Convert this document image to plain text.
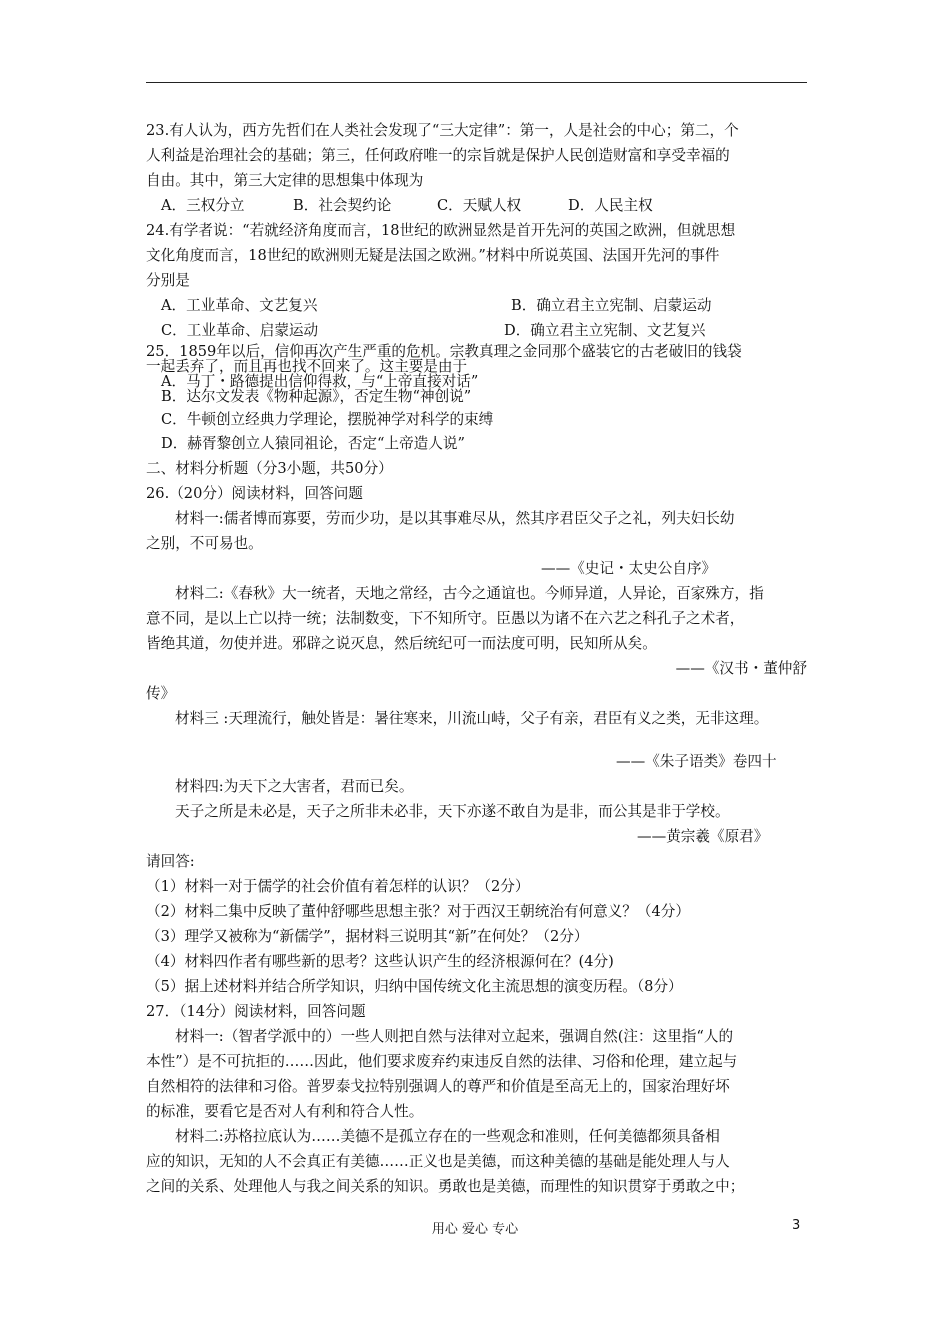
23.有人认为，西方先哲们在人类社会发现了“三大定律”：第一，人是社会的中心；第二，个
人利益是治理社会的基础；第三，任何政府唯一的宗旨就是保护人民创造财富和享受幸福的
自由。其中，第三大定律的思想集中体现为
A．三权分立	B．社会契约论	C．天赋人权	D．人民主权
24.有学者说：“若就经济角度而言，18世纪的欧洲显然是首开先河的英国之欧洲，但就思想
文化角度而言，18世纪的欧洲则无疑是法国之欧洲。”材料中所说英国、法国开先河的事件
分别是
A．工业革命、文艺复兴	B．确立君主立宪制、启蒙运动
C．工业革命、启蒙运动	D．确立君主立宪制、文艺复兴
25．1859年以后，信仰再次产生严重的危机。宗教真理之金同那个盛装它的古老破旧的钱袋
一起丢弃了，而且再也找不回来了。这主要是由于
A．马丁・路德提出信仰得救，与“上帝直接对话”
B．达尔文发表《物种起源》，否定生物“神创说”
C．牛顿创立经典力学理论，摆脱神学对科学的束缚
D．赫胥黎创立人猿同祖论，否定“上帝造人说”
二、材料分析题（分3小题，共50分）
26.（20分）阅读材料，回答问题
材料一:儒者博而寡要，劳而少功，是以其事难尽从，然其序君臣父子之礼，列夫妇长幼
之别，不可易也。
——《史记・太史公自序》
材料二:《春秋》大一统者，天地之常经，古今之通谊也。今师异道，人异论，百家殊方，指
意不同，是以上亡以持一统；法制数变，下不知所守。臣愚以为诸不在六艺之科孔子之术者，
皆绝其道，勿使并进。邪辟之说灭息，然后统纪可一而法度可明，民知所从矣。
——《汉书・董仲舒
传》
材料三 :天理流行，触处皆是：暑往寒来，川流山峙，父子有亲，君臣有义之类，无非这理。
——《朱子语类》卷四十
材料四:为天下之大害者，君而已矣。
天子之所是未必是，天子之所非未必非，天下亦遂不敢自为是非，而公其是非于学校。
——黄宗羲《原君》
请回答:
（1）材料一对于儒学的社会价值有着怎样的认识？（2分）
（2）材料二集中反映了董仲舒哪些思想主张？对于西汉王朝统治有何意义？（4分）
（3）理学又被称为“新儒学”，据材料三说明其“新”在何处？（2分）
（4）材料四作者有哪些新的思考？这些认识产生的经济根源何在？(4分)
（5）据上述材料并结合所学知识，归纳中国传统文化主流思想的演变历程。（8分）
27．（14分）阅读材料，回答问题
材料一:（智者学派中的）一些人则把自然与法律对立起来，强调自然(注：这里指“人的
本性”）是不可抗拒的……因此，他们要求废弃约束违反自然的法律、习俗和伦理，建立起与
自然相符的法律和习俗。普罗泰戈拉特别强调人的尊严和价值是至高无上的，国家治理好坏
的标准，要看它是否对人有利和符合人性。
材料二:苏格拉底认为……美德不是孤立存在的一些观念和准则，任何美德都须具备相
应的知识，无知的人不会真正有美德……正义也是美德，而这种美德的基础是能处理人与人
之间的关系、处理他人与我之间关系的知识。勇敢也是美德，而理性的知识贯穿于勇敢之中；
用心 爱心 专心	3
